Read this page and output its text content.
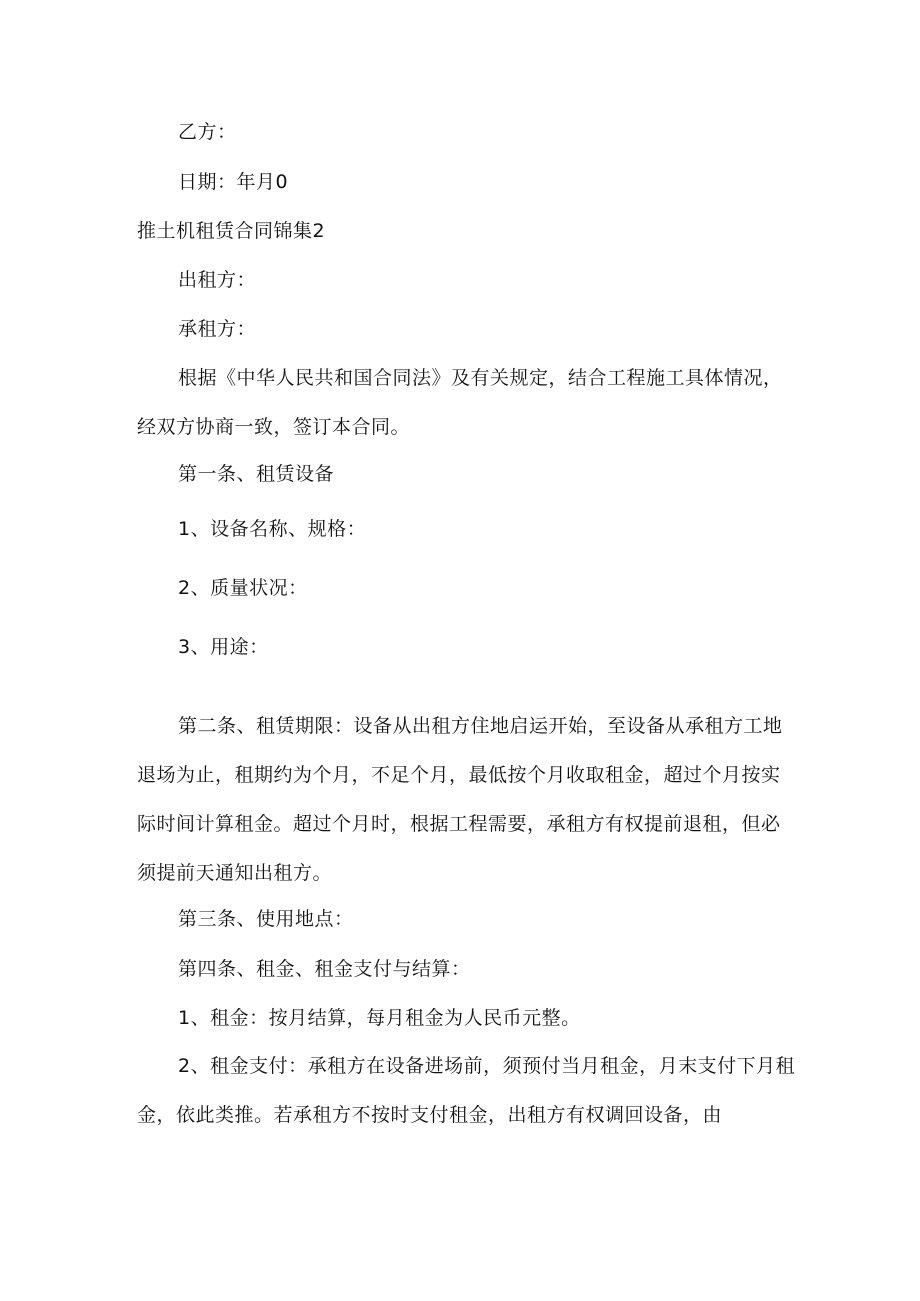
乙方：
日期：年月0
推土机租赁合同锦集2
出租方：
承租方：

根据《中华人民共和国合同法》及有关规定，结合工程施工具体情况，经双方协商一致，签订本合同。

第一条、租赁设备
1、设备名称、规格：
2、质量状况：
3、用途：

第二条、租赁期限：设备从出租方住地启运开始，至设备从承租方工地退场为止，租期约为个月，不足个月，最低按个月收取租金，超过个月按实际时间计算租金。超过个月时，根据工程需要，承租方有权提前退租，但必须提前天通知出租方。

第三条、使用地点：
第四条、租金、租金支付与结算：
1、租金：按月结算，每月租金为人民币元整。

2、租金支付：承租方在设备进场前，须预付当月租金，月末支付下月租金，依此类推。若承租方不按时支付租金，出租方有权调回设备，由
